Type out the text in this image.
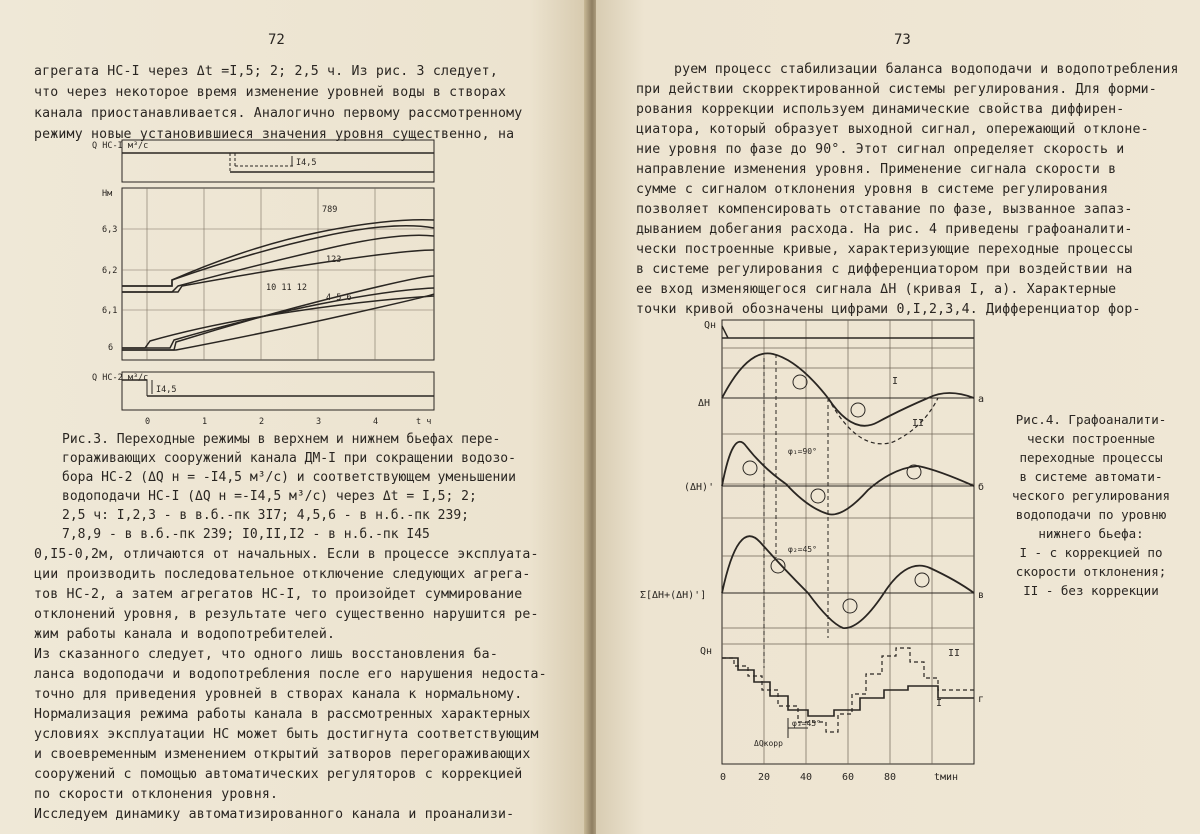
72
агрегата НС-I через Δt =I,5; 2; 2,5 ч. Из рис. 3 следует,
что через некоторое время изменение уровней воды в створах
канала приостанавливается. Аналогично первому рассмотренному
режиму новые установившиеся значения уровня существенно, на
Q НС-I м³/с
I4,5
Нм
6,3
6,2
6,1
6
789
123
10 11 12
4 5 6
Q НС-2 м³/с
I4,5
0	1	2	3	4	t ч
Рис.3. Переходные режимы в верхнем и нижнем бьефах пере-
гораживающих сооружений канала ДМ-I при сокращении водозо-
бора НС-2 (ΔQ н = -I4,5 м³/с) и соответствующем уменьшении
водоподачи НС-I (ΔQ н =-I4,5 м³/с) через Δt = I,5; 2;
2,5 ч: I,2,3 - в в.б.-пк 3I7; 4,5,6 - в н.б.-пк 239;
7,8,9 - в в.б.-пк 239; I0,II,I2 - в н.б.-пк I45
0,I5-0,2м, отличаются от начальных. Если в процессе эксплуата-
ции производить последовательное отключение следующих агрега-
тов НС-2, а затем агрегатов НС-I, то произойдет суммирование
отклонений уровня, в результате чего существенно нарушится ре-
жим работы канала и водопотребителей.
Из сказанного следует, что одного лишь восстановления ба-
ланса водоподачи и водопотребления после его нарушения недоста-
точно для приведения уровней в створах канала к нормальному.
Нормализация режима работы канала в рассмотренных характерных
условиях эксплуатации НС может быть достигнута соответствующим
и своевременным изменением открытий затворов перегораживающих
сооружений с помощью автоматических регуляторов с коррекцией
по скорости отклонения уровня.
Исследуем динамику автоматизированного канала и проанализи-
73
руем процесс стабилизации баланса водоподачи и водопотребления
при действии скорректированной системы регулирования. Для форми-
рования коррекции используем динамические свойства диффирен-
циатора, который образует выходной сигнал, опережающий отклоне-
ние уровня по фазе до 90°. Этот сигнал определяет скорость и
направление изменения уровня. Применение сигнала скорости в
сумме с сигналом отклонения уровня в системе регулирования
позволяет компенсировать отставание по фазе, вызванное запаз-
дыванием добегания расхода. На рис. 4 приведены графоаналити-
чески построенные кривые, характеризующие переходные процессы
в системе регулирования с дифференциатором при воздействии на
ее вход изменяющегося сигнала ΔН (кривая I, а). Характерные
точки кривой обозначены цифрами 0,I,2,3,4. Дифференциатор фор-
Qн
ΔН
(ΔН)'
Σ[ΔН+(ΔН)']
Qн
а
б
в
г
φ₁=90°
φ₂=45°
φ₃=45°
ΔQкорр
I
II
I
II
0	20	40	60	80	tмин
Рис.4. Графоаналити-
чески построенные
переходные процессы
в системе автомати-
ческого регулирования
водоподачи по уровню
нижнего бьефа:
I - с коррекцией по
скорости отклонения;
II - без коррекции
